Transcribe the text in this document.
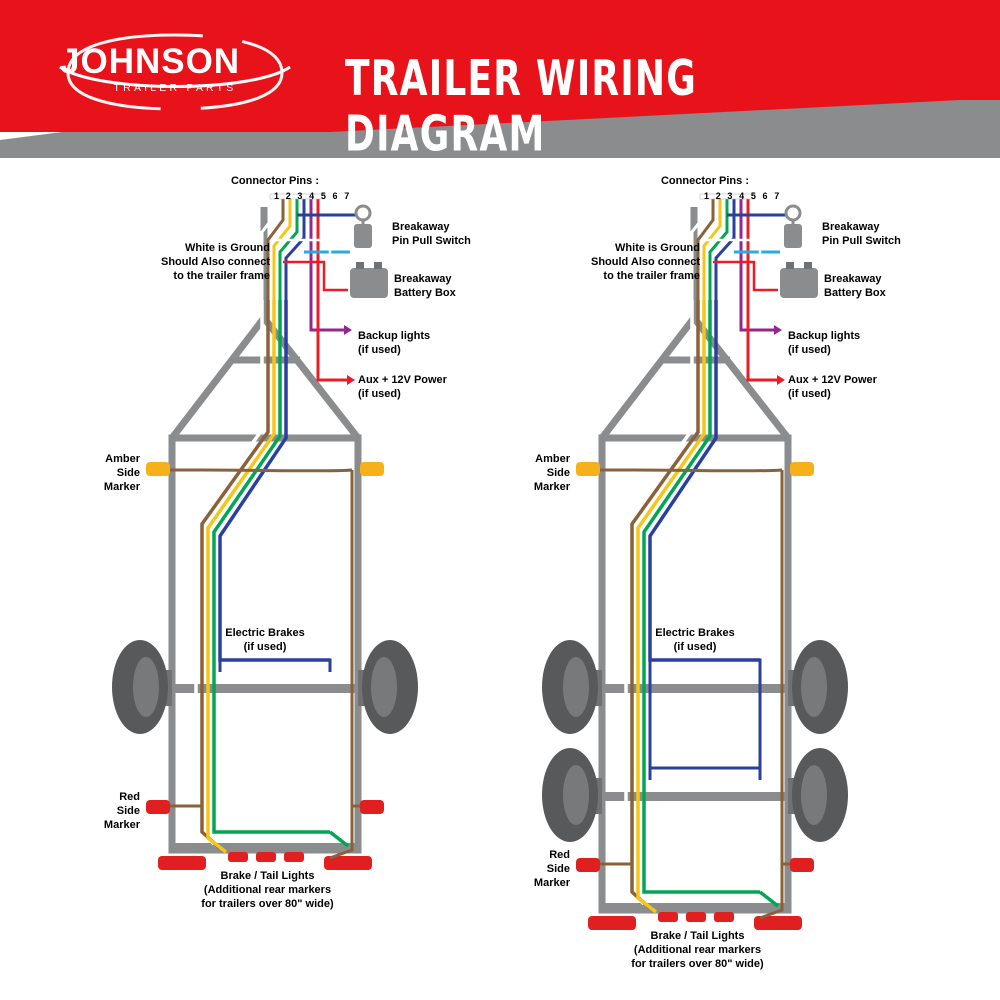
JOHNSON
TRAILER PARTS	TRAILER WIRING DIAGRAM
Connector Pins :
1 2 3 4 5 6 7
White is Ground
Should Also connect
to the trailer frame
Breakaway
Pin Pull Switch
Breakaway
Battery Box
Backup lights
(if used)
Aux + 12V Power
(if used)
Amber
Side
Marker
Red
Side
Marker
Electric Brakes
(if used)
Brake / Tail Lights
(Additional rear markers
for trailers over 80" wide)
Connector Pins :
1 2 3 4 5 6 7
White is Ground
Should Also connect
to the trailer frame
Breakaway
Pin Pull Switch
Breakaway
Battery Box
Backup lights
(if used)
Aux + 12V Power
(if used)
Amber
Side
Marker
Red
Side
Marker
Electric Brakes
(if used)
Brake / Tail Lights
(Additional rear markers
for trailers over 80" wide)
